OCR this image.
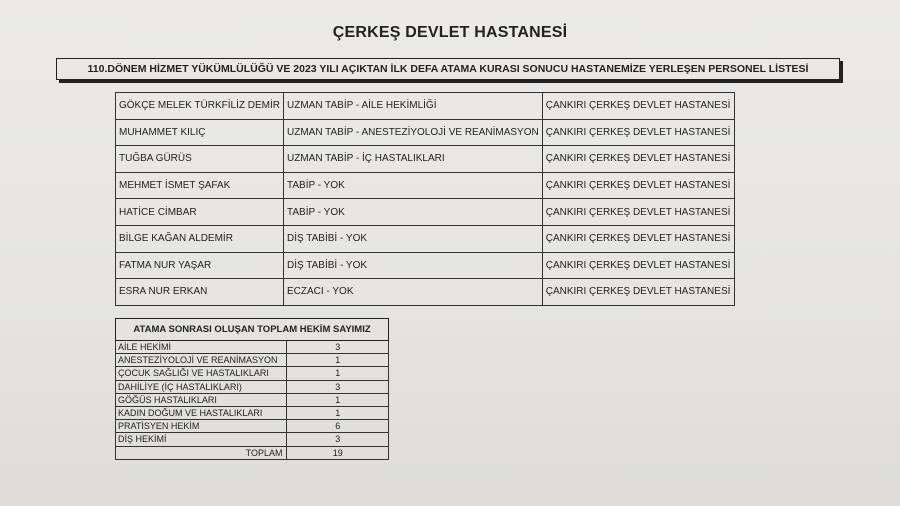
ÇERKEŞ DEVLET HASTANESİ
110.DÖNEM HİZMET YÜKÜMLÜLÜĞÜ VE 2023 YILI AÇIKTAN İLK DEFA ATAMA KURASI SONUCU HASTANEMİZE YERLEŞEN PERSONEL LİSTESİ
GÖKÇE MELEK TÜRKFİLİZ DEMİR	UZMAN TABİP - AİLE HEKİMLİĞİ	ÇANKIRI ÇERKEŞ DEVLET HASTANESİ
MUHAMMET KILIÇ	UZMAN TABİP - ANESTEZİYOLOJİ VE REANİMASYON	ÇANKIRI ÇERKEŞ DEVLET HASTANESİ
TUĞBA GÜRÜS	UZMAN TABİP - İÇ HASTALIKLARI	ÇANKIRI ÇERKEŞ DEVLET HASTANESİ
MEHMET İSMET ŞAFAK	TABİP - YOK	ÇANKIRI ÇERKEŞ DEVLET HASTANESİ
HATİCE CİMBAR	TABİP - YOK	ÇANKIRI ÇERKEŞ DEVLET HASTANESİ
BİLGE KAĞAN ALDEMİR	DİŞ TABİBİ - YOK	ÇANKIRI ÇERKEŞ DEVLET HASTANESİ
FATMA NUR YAŞAR	DİŞ TABİBİ - YOK	ÇANKIRI ÇERKEŞ DEVLET HASTANESİ
ESRA NUR ERKAN	ECZACI - YOK	ÇANKIRI ÇERKEŞ DEVLET HASTANESİ
ATAMA SONRASI OLUŞAN TOPLAM HEKİM SAYIMIZ	
AİLE HEKİMİ	3
ANESTEZİYOLOJİ VE REANİMASYON	1
ÇOCUK SAĞLIĞI VE HASTALIKLARI	1
DAHİLİYE (İÇ HASTALIKLARI)	3
GÖĞÜS HASTALIKLARI	1
KADIN DOĞUM VE HASTALIKLARI	1
PRATİSYEN HEKİM	6
DİŞ HEKİMİ	3
TOPLAM	19
